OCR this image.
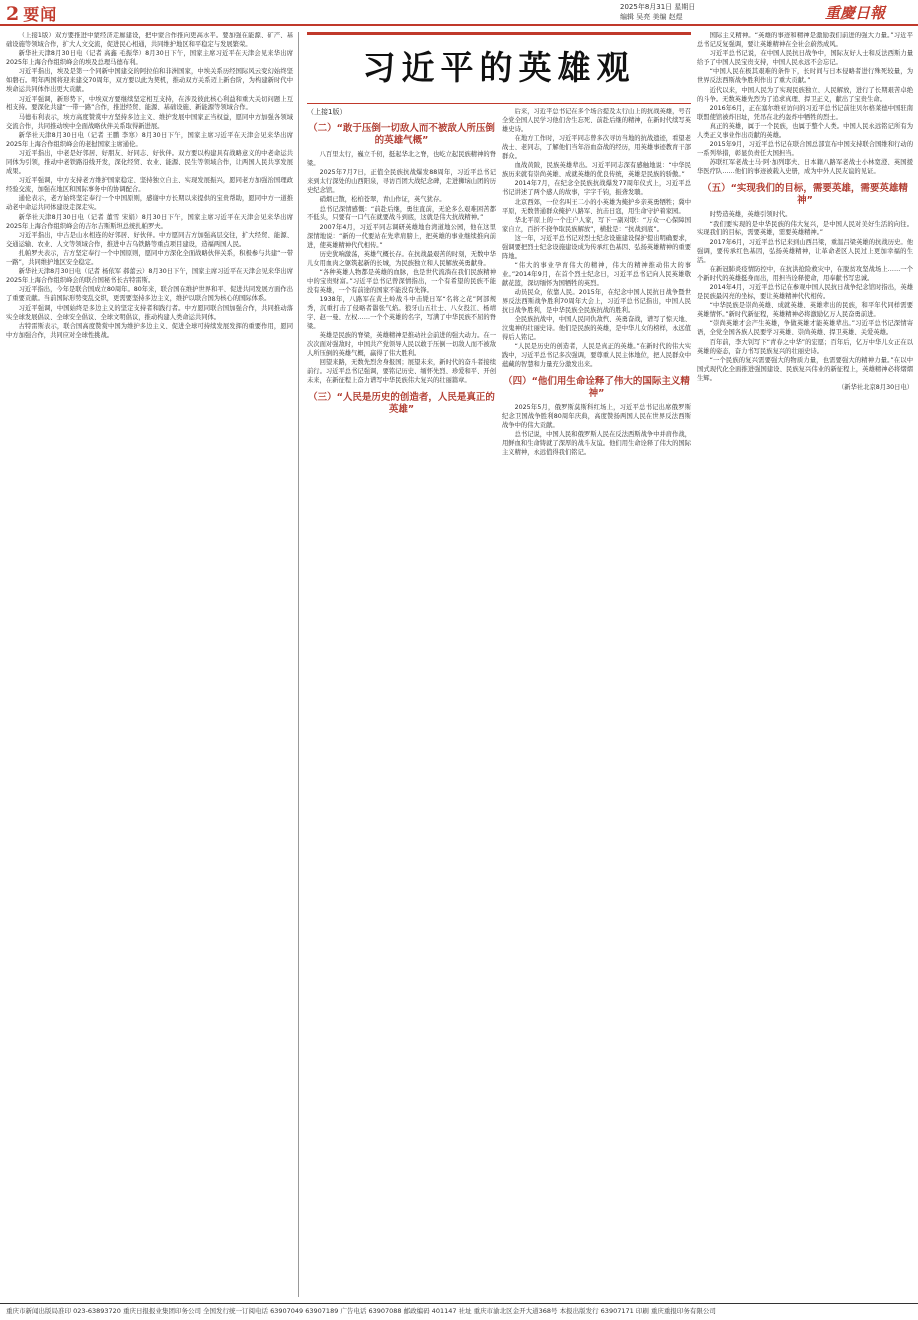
2 要闻	2025年8月31日 星期日
编辑 吴亮 美编 赵煜	重慶日報

（上接1版）双方要推进中蒙经济走廊建设，把中蒙合作推向更高水平。要加强在能源、矿产、基础设施等领域合作，扩大人文交流，促进民心相通，共同维护地区和平稳定与发展繁荣。

新华社天津8月30日电（记者 高鑫 毛振华）8月30日下午，国家主席习近平在天津会见来华出席2025年上海合作组织峰会的埃及总理马德布利。

习近平指出，埃及是第一个同新中国建交的阿拉伯和非洲国家，中埃关系历经国际风云变幻始终坚如磐石。明年两国将迎来建交70周年，双方要以此为契机，推动双方关系迈上新台阶，为构建新时代中埃命运共同体作出更大贡献。

习近平强调，新形势下，中埃双方要继续坚定相互支持，在涉及彼此核心利益和重大关切问题上互相支持。要深化共建“一带一路”合作，推进经贸、能源、基础设施、新能源等领域合作。

马德布利表示，埃方高度赞赏中方坚持多边主义、维护发展中国家正当权益，愿同中方加强各领域交流合作，共同推动埃中全面战略伙伴关系取得新进展。

新华社天津8月30日电（记者 王鹏 李寒）8月30日下午，国家主席习近平在天津会见来华出席2025年上海合作组织峰会的老挝国家主席通伦。

习近平指出，中老是好邻居、好朋友、好同志、好伙伴。双方要以构建具有战略意义的中老命运共同体为引领，推动中老铁路沿线开发，深化经贸、农业、能源、民生等领域合作，让两国人民共享发展成果。

习近平强调，中方支持老方维护国家稳定、坚持独立自主、实现发展振兴，愿同老方加强治国理政经验交流，加强在地区和国际事务中的协调配合。

通伦表示，老方始终坚定奉行一个中国原则，感谢中方长期以来提供的宝贵帮助，愿同中方一道推动老中命运共同体建设走深走实。

新华社天津8月30日电（记者 董雪 宋娟）8月30日下午，国家主席习近平在天津会见来华出席2025年上海合作组织峰会的吉尔吉斯斯坦总统扎帕罗夫。

习近平指出，中吉是山水相连的好邻居、好伙伴。中方愿同吉方加强高层交往，扩大经贸、能源、交通运输、农业、人文等领域合作，推进中吉乌铁路等重点项目建设，造福两国人民。

扎帕罗夫表示，吉方坚定奉行一个中国原则，愿同中方深化全面战略伙伴关系，积极参与共建“一带一路”，共同维护地区安全稳定。

新华社天津8月30日电（记者 杨依军 郝蕾云）8月30日下午，国家主席习近平在天津会见来华出席2025年上海合作组织峰会的联合国秘书长古特雷斯。

习近平指出，今年是联合国成立80周年。80年来，联合国在维护世界和平、促进共同发展方面作出了重要贡献。当前国际形势变乱交织，更需要坚持多边主义，维护以联合国为核心的国际体系。

习近平强调，中国始终是多边主义的坚定支持者和践行者。中方愿同联合国加强合作，共同推动落实全球发展倡议、全球安全倡议、全球文明倡议，推动构建人类命运共同体。

古特雷斯表示，联合国高度赞赏中国为维护多边主义、促进全球可持续发展发挥的重要作用，愿同中方加强合作，共同应对全球性挑战。

习近平的英雄观
（上接1版）
（二）“敢于压倒一切敌人而不被敌人所压倒的英雄气概”

八百里太行，巍立千仞，挺起华北之脊，也屹立起民族精神的脊梁。

2025年7月7日，正值全民族抗战爆发88周年，习近平总书记来到太行深处的山西阳泉，寻访百团大战纪念碑，走进狮垴山团的历史纪念馆。

硝烟已散，松柏苍翠，青山作证，英气犹存。

总书记深情感慨：“前赴后继，勇往直前，无论多么艰难困苦都不低头，只要有一口气在就要战斗到底，这就是伟大抗战精神。”

2007年4月，习近平同志调研英雄地台湾道地公园，他在这里深情地说：“新的一代要站在先辈肩膀上，把英雄的事业继续推向前进，使英雄精神代代相传。”

历史犹响激荡，英雄气概长存。在抗战最艰苦的时刻，无数中华儿女用血肉之躯筑起新的长城，为民族独立和人民解放英勇献身。

“各种英雄人物都是英雄的血脉，也是世代流淌在我们民族精神中的宝贵财富。”习近平总书记曾深情指出，一个有希望的民族不能没有英雄，一个有前途的国家不能没有先锋。

1938年，八路军在黄土岭战斗中击毙日军“名将之花”阿部规秀，沉重打击了侵略者嚣张气焰。狼牙山五壮士、八女投江、杨靖宇、赵一曼、左权……一个个英雄的名字，写满了中华民族不屈的脊梁。

英雄是民族的脊梁，英雄精神是推动社会前进的强大动力。在一次次面对强敌时，中国共产党领导人民以敢于压倒一切敌人而不被敌人所压倒的英雄气概，赢得了伟大胜利。

回望来路，无数先烈舍身报国；展望未来，新时代的奋斗者接续前行。习近平总书记强调，要铭记历史、缅怀先烈、珍爱和平、开创未来，在新征程上奋力谱写中华民族伟大复兴的壮丽篇章。

（三）“人民是历史的创造者，人民是真正的英雄”

后来，习近平总书记在多个场合提及太行山上的抗战英雄，号召全党全国人民学习他们舍生忘死、前赴后继的精神，在新时代续写英雄史诗。

在地方工作时，习近平同志曾多次寻访当地的抗战遗迹，看望老战士、老同志，了解他们当年浴血奋战的经历，用英雄事迹教育干部群众。

血战黄陂，民族英雄辈出。习近平同志深有感触地说：“中华民族历来就有崇尚英雄、成就英雄的优良传统，英雄是民族的骄傲。”

2014年7月，在纪念全民族抗战爆发77周年仪式上，习近平总书记讲述了两个感人的故事，字字千钧，振聋发聩。

北京西郊，一位名叫王二小的小英雄为掩护乡亲英勇牺牲；冀中平原，无数普通群众掩护八路军、抗击日寇，用生命守护着家园。

华北平原上的一个庄户人家，写下一副对联：“万众一心保障国家自立，百折不挠争取民族解放”，横批是：“抗战到底”。

这一年，习近平总书记对烈士纪念设施建设保护提出明确要求，强调要把烈士纪念设施建设成为传承红色基因、弘扬英雄精神的重要阵地。

“伟大的事业孕育伟大的精神，伟大的精神推动伟大的事业。”2014年9月，在首个烈士纪念日，习近平总书记向人民英雄敬献花篮，深切缅怀为国牺牲的英烈。

动员民众，依靠人民。2015年，在纪念中国人民抗日战争暨世界反法西斯战争胜利70周年大会上，习近平总书记指出，中国人民抗日战争胜利，是中华民族全民族抗战的胜利。

全民族抗战中，中国人民同仇敌忾、英勇奋战，谱写了惊天地、泣鬼神的壮丽史诗。他们是民族的英雄，是中华儿女的榜样，永远值得后人铭记。

“人民是历史的创造者，人民是真正的英雄。”在新时代的伟大实践中，习近平总书记多次强调，要尊重人民主体地位，把人民群众中蕴藏的智慧和力量充分激发出来。

（四）“他们用生命诠释了伟大的国际主义精神”

2025年5月，俄罗斯莫斯科红场上，习近平总书记出席俄罗斯纪念卫国战争胜利80周年庆典，高度赞扬两国人民在世界反法西斯战争中的伟大贡献。

总书记说，中国人民和俄罗斯人民在反法西斯战争中并肩作战，用鲜血和生命铸就了深厚的战斗友谊。他们用生命诠释了伟大的国际主义精神，永远值得我们铭记。

国际主义精神。“英雄的事迹和精神是激励我们前进的强大力量。”习近平总书记反复强调，要让英雄精神在全社会蔚然成风。

习近平总书记说，在中国人民抗日战争中，国际友好人士和反法西斯力量给予了中国人民宝贵支持，中国人民永远不会忘记。

“中国人民在极其艰难的条件下，长时间与日本侵略者进行殊死较量，为世界反法西斯战争胜利作出了重大贡献。”

近代以来，中国人民为了实现民族独立、人民解放，进行了长期艰苦卓绝的斗争。无数英雄先烈为了追求真理、捍卫正义，献出了宝贵生命。

2016年6月，正在塞尔维亚访问的习近平总书记前往贝尔格莱德中国驻南联盟使馆被炸旧址，凭吊在北约轰炸中牺牲的烈士。

真正的英雄，属于一个民族，也属于整个人类。中国人民永远铭记所有为人类正义事业作出贡献的英雄。

2015年9月，习近平总书记在联合国总部宣布中国支持联合国维和行动的一系列举措，彰显负责任大国担当。

苏联红军老战士马·阿·加列耶夫、日本籍八路军老战士小林宽澄、英国援华医疗队……他们的事迹被载入史册，成为中外人民友谊的见证。

（五）“实现我们的目标，需要英雄，需要英雄精神”

时势造英雄，英雄引领时代。

“我们要实现的是中华民族的伟大复兴，是中国人民对美好生活的向往。实现我们的目标，需要英雄，需要英雄精神。”

2017年6月，习近平总书记来到山西吕梁，重温吕梁英雄的抗战历史。他强调，要传承红色基因，弘扬英雄精神，让革命老区人民过上更加幸福的生活。

在新冠肺炎疫情防控中，在抗洪抢险救灾中，在脱贫攻坚战场上……一个个新时代的英雄挺身而出，用担当诠释使命，用奉献书写忠诚。

2014年4月，习近平总书记在参观中国人民抗日战争纪念馆时指出，英雄是民族最闪亮的坐标，要让英雄精神代代相传。

“中华民族是崇尚英雄、成就英雄、英雄辈出的民族，和平年代同样需要英雄情怀。”新时代新征程，英雄精神必将激励亿万人民奋勇前进。

“崇尚英雄才会产生英雄，争做英雄才能英雄辈出。”习近平总书记深情寄语，全党全国各族人民要学习英雄、崇尚英雄、捍卫英雄、关爱英雄。

百年前，李大钊写下“青春之中华”的宏愿；百年后，亿万中华儿女正在以英雄的姿态，奋力书写民族复兴的壮丽史诗。

“一个民族的复兴需要强大的物质力量，也需要强大的精神力量。”在以中国式现代化全面推进强国建设、民族复兴伟业的新征程上，英雄精神必将熠熠生辉。

（新华社北京8月30日电）

重庆市新闻出版局准印 023-63893720 重庆日报报业集团印务公司 全国发行统一订阅电话 63907049 63907189 广告电话 63907088 邮政编码 401147 社址 重庆市渝北区金开大道368号 本报出版发行 63907171 印刷 重庆重报印务有限公司
